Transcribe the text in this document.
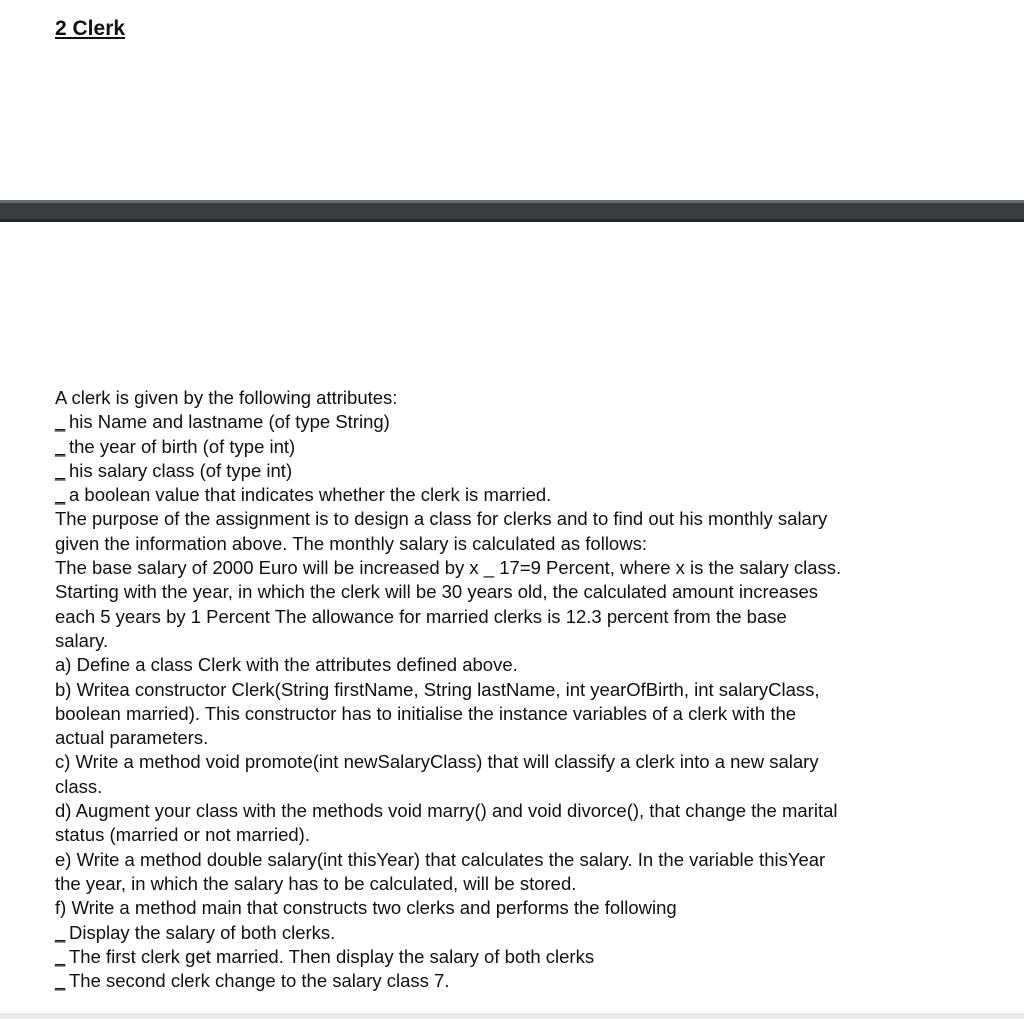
2 Clerk
A clerk is given by the following attributes:
_ his Name and lastname (of type String)
_ the year of birth (of type int)
_ his salary class (of type int)
_ a boolean value that indicates whether the clerk is married.
The purpose of the assignment is to design a class for clerks and to find out his monthly salary
given the information above. The monthly salary is calculated as follows:
The base salary of 2000 Euro will be increased by x _ 17=9 Percent, where x is the salary class.
Starting with the year, in which the clerk will be 30 years old, the calculated amount increases
each 5 years by 1 Percent The allowance for married clerks is 12.3 percent from the base
salary.
a) Define a class Clerk with the attributes defined above.
b) Writea constructor Clerk(String firstName, String lastName, int yearOfBirth, int salaryClass,
boolean married). This constructor has to initialise the instance variables of a clerk with the
actual parameters.
c) Write a method void promote(int newSalaryClass) that will classify a clerk into a new salary
class.
d) Augment your class with the methods void marry() and void divorce(), that change the marital
status (married or not married).
e) Write a method double salary(int thisYear) that calculates the salary. In the variable thisYear
the year, in which the salary has to be calculated, will be stored.
f) Write a method main that constructs two clerks and performs the following
_ Display the salary of both clerks.
_ The first clerk get married. Then display the salary of both clerks
_ The second clerk change to the salary class 7.
